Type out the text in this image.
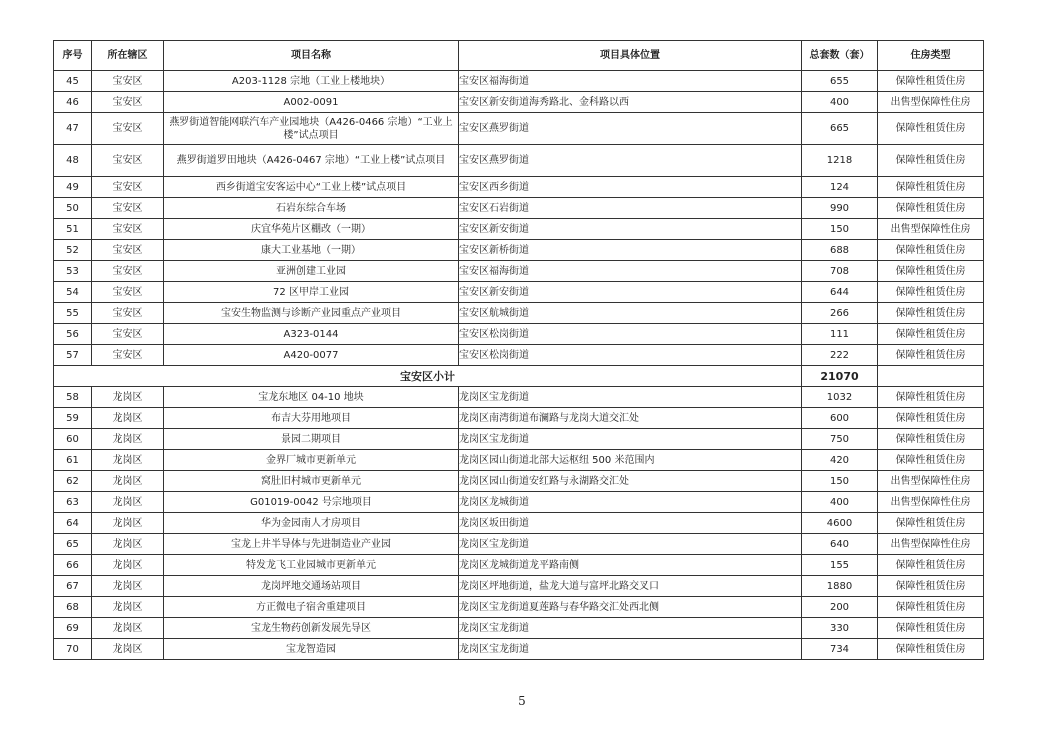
序号	所在辖区	项目名称	项目具体位置	总套数（套）	住房类型
45	宝安区	A203-1128 宗地（工业上楼地块）	宝安区福海街道	655	保障性租赁住房
46	宝安区	A002-0091	宝安区新安街道海秀路北、金科路以西	400	出售型保障性住房
47	宝安区	燕罗街道智能网联汽车产业园地块（A426-0466 宗地）“工业上楼”试点项目	宝安区燕罗街道	665	保障性租赁住房
48	宝安区	燕罗街道罗田地块（A426-0467 宗地）“工业上楼”试点项目	宝安区燕罗街道	1218	保障性租赁住房
49	宝安区	西乡街道宝安客运中心“工业上楼”试点项目	宝安区西乡街道	124	保障性租赁住房
50	宝安区	石岩东综合车场	宝安区石岩街道	990	保障性租赁住房
51	宝安区	庆宜华苑片区棚改（一期）	宝安区新安街道	150	出售型保障性住房
52	宝安区	康大工业基地（一期）	宝安区新桥街道	688	保障性租赁住房
53	宝安区	亚洲创建工业园	宝安区福海街道	708	保障性租赁住房
54	宝安区	72 区甲岸工业园	宝安区新安街道	644	保障性租赁住房
55	宝安区	宝安生物监测与诊断产业园重点产业项目	宝安区航城街道	266	保障性租赁住房
56	宝安区	A323-0144	宝安区松岗街道	111	保障性租赁住房
57	宝安区	A420-0077	宝安区松岗街道	222	保障性租赁住房
宝安区小计				21070	
58	龙岗区	宝龙东地区 04-10 地块	龙岗区宝龙街道	1032	保障性租赁住房
59	龙岗区	布吉大芬用地项目	龙岗区南湾街道布澜路与龙岗大道交汇处	600	保障性租赁住房
60	龙岗区	景园二期项目	龙岗区宝龙街道	750	保障性租赁住房
61	龙岗区	金界厂城市更新单元	龙岗区园山街道北部大运枢纽 500 米范围内	420	保障性租赁住房
62	龙岗区	窝肚旧村城市更新单元	龙岗区园山街道安红路与永湖路交汇处	150	出售型保障性住房
63	龙岗区	G01019-0042 号宗地项目	龙岗区龙城街道	400	出售型保障性住房
64	龙岗区	华为金园南人才房项目	龙岗区坂田街道	4600	保障性租赁住房
65	龙岗区	宝龙上井半导体与先进制造业产业园	龙岗区宝龙街道	640	出售型保障性住房
66	龙岗区	特发龙飞工业园城市更新单元	龙岗区龙城街道龙平路南侧	155	保障性租赁住房
67	龙岗区	龙岗坪地交通场站项目	龙岗区坪地街道，盐龙大道与富坪北路交叉口	1880	保障性租赁住房
68	龙岗区	方正微电子宿舍重建项目	龙岗区宝龙街道夏莲路与春华路交汇处西北侧	200	保障性租赁住房
69	龙岗区	宝龙生物药创新发展先导区	龙岗区宝龙街道	330	保障性租赁住房
70	龙岗区	宝龙智造园	龙岗区宝龙街道	734	保障性租赁住房
5
